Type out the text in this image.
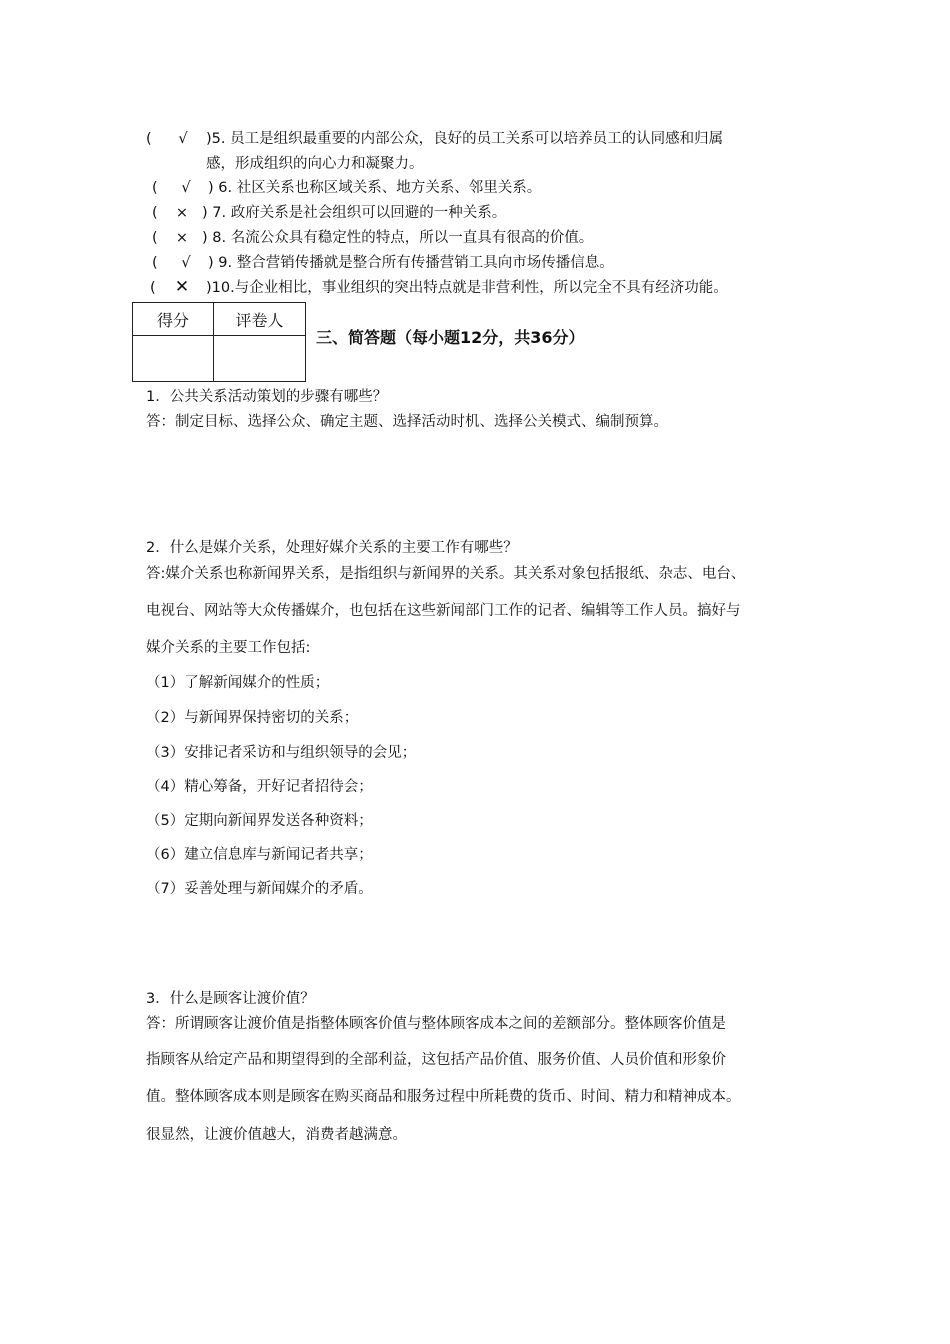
( √ )5. 员工是组织最重要的内部公众，良好的员工关系可以培养员工的认同感和归属
感，形成组织的向心力和凝聚力。
( √ ) 6. 社区关系也称区域关系、地方关系、邻里关系。
( × ) 7. 政府关系是社会组织可以回避的一种关系。
( × ) 8. 名流公众具有稳定性的特点，所以一直具有很高的价值。
( √ ) 9. 整合营销传播就是整合所有传播营销工具向市场传播信息。
( ✕ )10.与企业相比，事业组织的突出特点就是非营利性，所以完全不具有经济功能。
得分	评卷人

三、简答题（每小题12分，共36分）
1．公共关系活动策划的步骤有哪些？
答：制定目标、选择公众、确定主题、选择活动时机、选择公关模式、编制预算。
2．什么是媒介关系，处理好媒介关系的主要工作有哪些？
答:媒介关系也称新闻界关系，是指组织与新闻界的关系。其关系对象包括报纸、杂志、电台、
电视台、网站等大众传播媒介，也包括在这些新闻部门工作的记者、编辑等工作人员。搞好与
媒介关系的主要工作包括:
（1）了解新闻媒介的性质；
（2）与新闻界保持密切的关系；
（3）安排记者采访和与组织领导的会见；
（4）精心筹备，开好记者招待会；
（5）定期向新闻界发送各种资料；
（6）建立信息库与新闻记者共享；
（7）妥善处理与新闻媒介的矛盾。
3．什么是顾客让渡价值？
答：所谓顾客让渡价值是指整体顾客价值与整体顾客成本之间的差额部分。整体顾客价值是
指顾客从给定产品和期望得到的全部利益，这包括产品价值、服务价值、人员价值和形象价
值。整体顾客成本则是顾客在购买商品和服务过程中所耗费的货币、时间、精力和精神成本。
很显然，让渡价值越大，消费者越满意。
